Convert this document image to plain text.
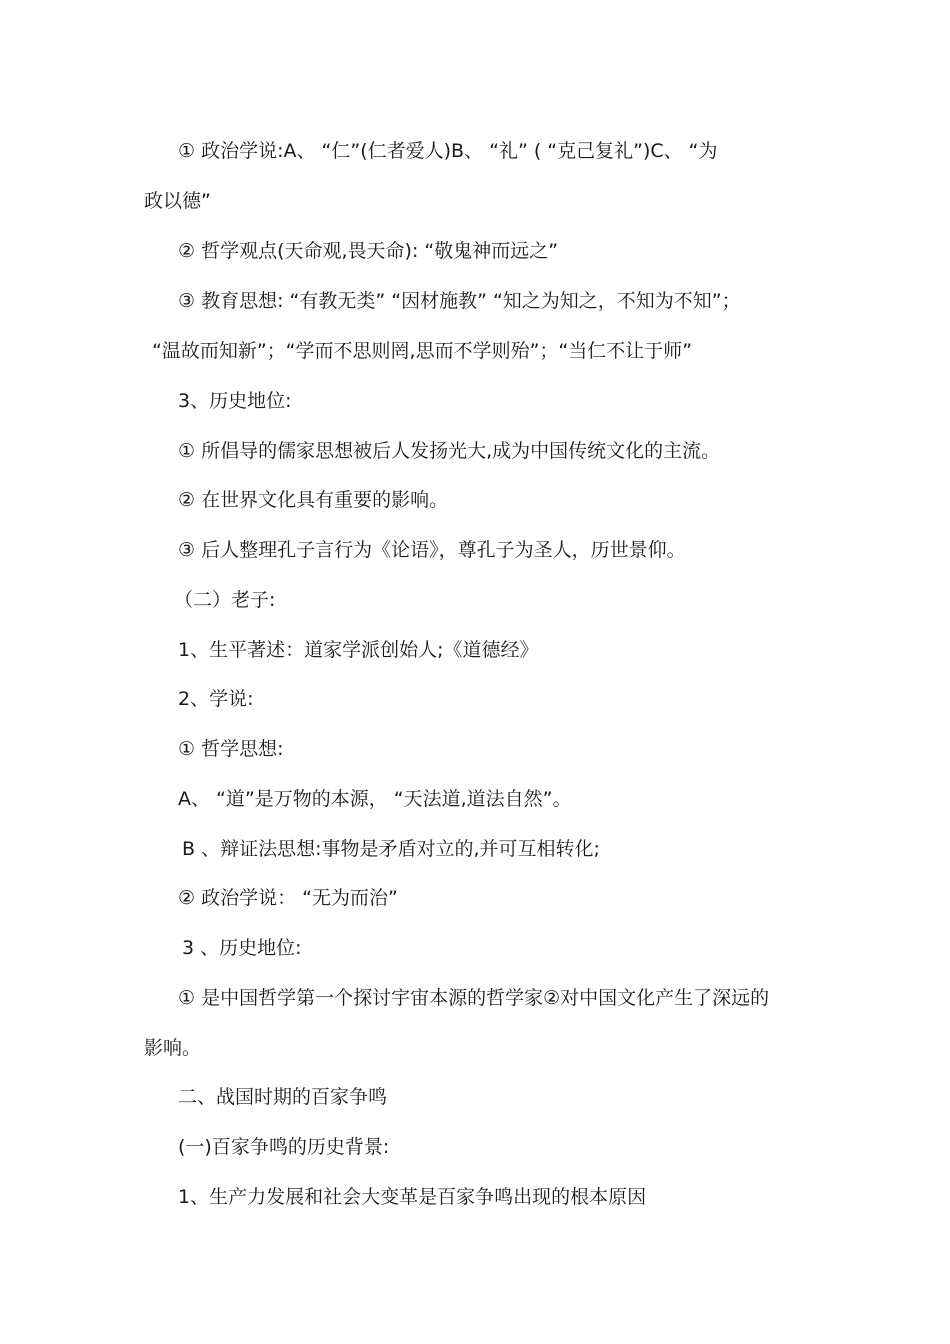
① 政治学说:A、 “仁”(仁者爱人)B、 “礼” ( “克己复礼”)C、 “为
政以德”
② 哲学观点(天命观,畏天命): “敬鬼神而远之”
③ 教育思想: “有教无类” “因材施教” “知之为知之，不知为不知”；
“温故而知新”；“学而不思则罔,思而不学则殆”；“当仁不让于师”
3、历史地位:
① 所倡导的儒家思想被后人发扬光大,成为中国传统文化的主流。
② 在世界文化具有重要的影响。
③ 后人整理孔子言行为《论语》，尊孔子为圣人，历世景仰。
（二）老子:
1、生平著述：道家学派创始人;《道德经》
2、学说:
① 哲学思想:
A、 “道”是万物的本源， “天法道,道法自然”。
B 、辩证法思想:事物是矛盾对立的,并可互相转化;
② 政治学说： “无为而治”
3 、历史地位:
① 是中国哲学第一个探讨宇宙本源的哲学家②对中国文化产生了深远的
影响。
二、战国时期的百家争鸣
(一)百家争鸣的历史背景:
1、生产力发展和社会大变革是百家争鸣出现的根本原因
